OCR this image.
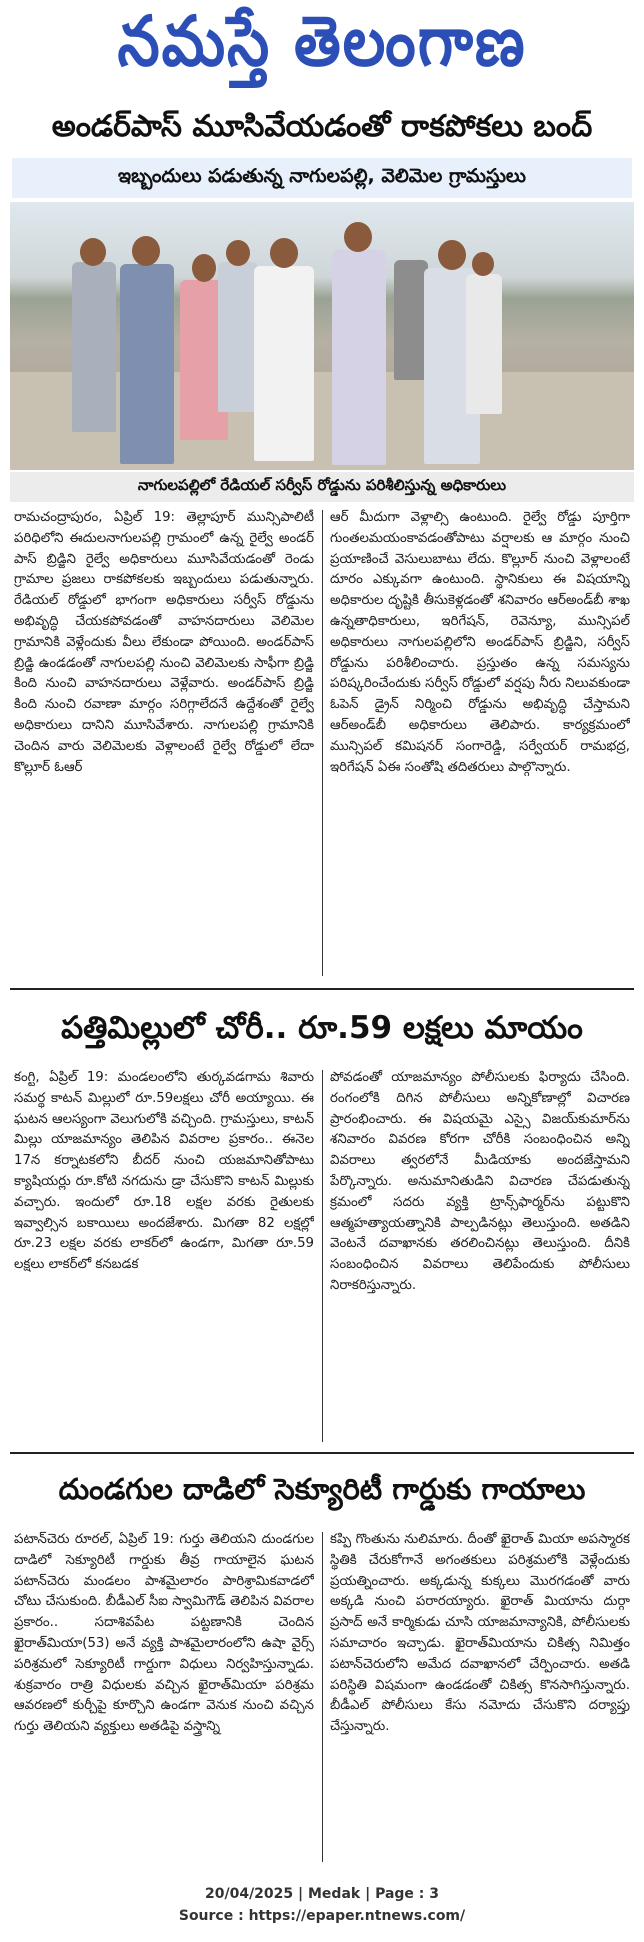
నమస్తే తెలంగాణ
అండర్‌పాస్ మూసివేయడంతో రాకపోకలు బంద్
ఇబ్బందులు పడుతున్న నాగులపల్లి, వెలిమెల గ్రామస్తులు
నాగులపల్లిలో రేడియల్ సర్వీస్ రోడ్డును పరిశీలిస్తున్న అధికారులు

రామచంద్రాపురం, ఏప్రిల్ 19: తెల్లాపూర్ మున్సిపాలిటీ పరిధిలోని ఈదులనాగులపల్లి గ్రామంలో ఉన్న రైల్వే అండర్ పాస్ బ్రిడ్జిని రైల్వే అధికారులు మూసివేయడంతో రెండు గ్రామాల ప్రజలు రాకపోకలకు ఇబ్బందులు పడుతున్నారు. రేడియల్ రోడ్డులో భాగంగా అధికారులు సర్వీస్ రోడ్డును అభివృద్ధి చేయకపోవడంతో వాహనదారులు వెలిమెల గ్రామానికి వెళ్లేందుకు వీలు లేకుండా పోయింది. అండర్‌పాస్ బ్రిడ్జి ఉండడంతో నాగులపల్లి నుంచి వెలిమెలకు సాఫీగా బ్రిడ్జి కింది నుంచి వాహనదారులు వెళ్లేవారు. అండర్‌పాస్ బ్రిడ్జి కింది నుంచి రవాణా మార్గం సరిగ్గాలేదనే ఉద్దేశంతో రైల్వే అధికారులు దానిని మూసివేశారు. నాగులపల్లి గ్రామానికి చెందిన వారు వెలిమెలకు వెళ్లాలంటే రైల్వే రోడ్డులో లేదా కొల్లూర్ ఓఆర్

ఆర్ మీదుగా వెళ్లాల్సి ఉంటుంది. రైల్వే రోడ్డు పూర్తిగా గుంతలమయంకావడంతోపాటు వర్షాలకు ఆ మార్గం నుంచి ప్రయాణించే వెసులుబాటు లేదు. కొల్లూర్ నుంచి వెళ్లాలంటే దూరం ఎక్కువగా ఉంటుంది. స్థానికులు ఈ విషయాన్ని అధికారుల దృష్టికి తీసుకెళ్లడంతో శనివారం ఆర్‌అండ్‌బీ శాఖ ఉన్నతాధికారులు, ఇరిగేషన్, రెవెన్యూ, మున్సిపల్ అధికారులు నాగులపల్లిలోని అండర్‌పాస్ బ్రిడ్జిని, సర్వీస్ రోడ్డును పరిశీలించారు. ప్రస్తుతం ఉన్న సమస్యను పరిష్కరించేందుకు సర్వీస్ రోడ్డులో వర్షపు నీరు నిలువకుండా ఓపెన్ డ్రైన్ నిర్మించి రోడ్డును అభివృద్ధి చేస్తామని ఆర్‌అండ్‌బీ అధికారులు తెలిపారు. కార్యక్రమంలో మున్సిపల్ కమిషనర్ సంగారెడ్డి, సర్వేయర్ రామభద్ర, ఇరిగేషన్ ఏఈ సంతోషి తదితరులు పాల్గొన్నారు.

పత్తిమిల్లులో చోరీ.. రూ.59 లక్షలు మాయం

కంగ్టి, ఏప్రిల్ 19: మండలంలోని తుర్కవడగామ శివారు సమర్థ కాటన్ మిల్లులో రూ.59లక్షలు చోరీ అయ్యాయి. ఈ ఘటన ఆలస్యంగా వెలుగులోకి వచ్చింది. గ్రామస్తులు, కాటన్ మిల్లు యాజమాన్యం తెలిపిన వివరాల ప్రకారం.. ఈనెల 17న కర్నాటకలోని బీదర్ నుంచి యజమానితోపాటు క్యాషియర్లు రూ.కోటి నగదును డ్రా చేసుకొని కాటన్ మిల్లుకు వచ్చారు. ఇందులో రూ.18 లక్షల వరకు రైతులకు ఇవ్వాల్సిన బకాయిలు అందజేశారు. మిగతా 82 లక్షల్లో రూ.23 లక్షల వరకు లాకర్‌లో ఉండగా, మిగతా రూ.59 లక్షలు లాకర్‌లో కనబడక

పోవడంతో యాజమాన్యం పోలీసులకు ఫిర్యాదు చేసింది. రంగంలోకి దిగిన పోలీసులు అన్నికోణాల్లో విచారణ ప్రారంభించారు. ఈ విషయమై ఎస్సై విజయ్‌కుమార్‌ను శనివారం వివరణ కోరగా చోరీకి సంబంధించిన అన్ని వివరాలు త్వరలోనే మీడియాకు అందజేస్తామని పేర్కొన్నారు. అనుమానితుడిని విచారణ చేపడుతున్న క్రమంలో సదరు వ్యక్తి ట్రాన్స్‌ఫార్మర్‌ను పట్టుకొని ఆత్మహత్యాయత్నానికి పాల్పడినట్లు తెలుస్తుంది. అతడిని వెంటనే దవాఖానకు తరలించినట్లు తెలుస్తుంది. దీనికి సంబంధించిన వివరాలు తెలిపేందుకు పోలీసులు నిరాకరిస్తున్నారు.

దుండగుల దాడిలో సెక్యూరిటీ గార్డుకు గాయాలు

పటాన్‌చెరు రూరల్, ఏప్రిల్ 19: గుర్తు తెలియని దుండగుల దాడిలో సెక్యూరిటీ గార్డుకు తీవ్ర గాయాలైన ఘటన పటాన్‌చెరు మండలం పాశమైలారం పారిశ్రామికవాడలో చోటు చేసుకుంది. బీడీఎల్ సీఐ స్వామిగౌడ్ తెలిపిన వివరాల ప్రకారం.. సదాశివపేట పట్టణానికి చెందిన ఖైరాత్‌మియా(53) అనే వ్యక్తి పాశమైలారంలోని ఉషా వైర్స్ పరిశ్రమలో సెక్యూరిటీ గార్డుగా విధులు నిర్వహిస్తున్నాడు. శుక్రవారం రాత్రి విధులకు వచ్చిన ఖైరాత్‌మియా పరిశ్రమ ఆవరణలో కుర్చీపై కూర్చొని ఉండగా వెనుక నుంచి వచ్చిన గుర్తు తెలియని వ్యక్తులు అతడిపై వస్త్రాన్ని

కప్పి గొంతును నులిమారు. దీంతో ఖైరాత్ మియా అపస్మారక స్థితికి చేరుకోగానే అగంతకులు పరిశ్రమలోకి వెళ్లేందుకు ప్రయత్నించారు. అక్కడున్న కుక్కలు మొరగడంతో వారు అక్కడి నుంచి పరారయ్యారు. ఖైరాత్ మియాను దుర్గా ప్రసాద్ అనే కార్మికుడు చూసి యాజమాన్యానికి, పోలీసులకు సమాచారం ఇచ్చాడు. ఖైరాత్‌మియాను చికిత్స నిమిత్తం పటాన్‌చెరులోని అమేద దవాఖానలో చేర్పించారు. అతడి పరిస్థితి విషమంగా ఉండడంతో చికిత్స కొనసాగిస్తున్నారు. బీడీఎల్ పోలీసులు కేసు నమోదు చేసుకొని దర్యాప్తు చేస్తున్నారు.

20/04/2025 | Medak | Page : 3
Source : https://epaper.ntnews.com/
